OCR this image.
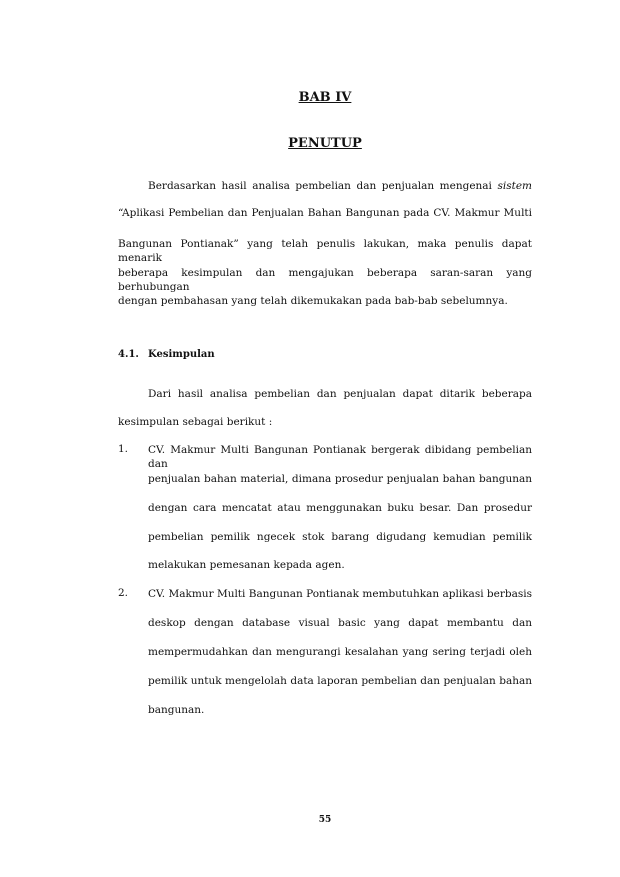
BAB IV
PENUTUP
Berdasarkan hasil analisa pembelian dan penjualan mengenai sistem
“Aplikasi Pembelian dan Penjualan Bahan Bangunan pada CV. Makmur Multi
Bangunan Pontianak” yang telah penulis lakukan, maka penulis dapat menarik
beberapa kesimpulan dan mengajukan beberapa saran-saran yang berhubungan
dengan pembahasan yang telah dikemukakan pada bab-bab sebelumnya.
4.1. Kesimpulan
Dari hasil analisa pembelian dan penjualan dapat ditarik beberapa
kesimpulan sebagai berikut :
1. CV. Makmur Multi Bangunan Pontianak bergerak dibidang pembelian dan
penjualan bahan material, dimana prosedur penjualan bahan bangunan
dengan cara mencatat atau menggunakan buku besar. Dan prosedur
pembelian pemilik ngecek stok barang digudang kemudian pemilik
melakukan pemesanan kepada agen.
2. CV. Makmur Multi Bangunan Pontianak membutuhkan aplikasi berbasis
deskop dengan database visual basic yang dapat membantu dan
mempermudahkan dan mengurangi kesalahan yang sering terjadi oleh
pemilik untuk mengelolah data laporan pembelian dan penjualan bahan
bangunan.
55
